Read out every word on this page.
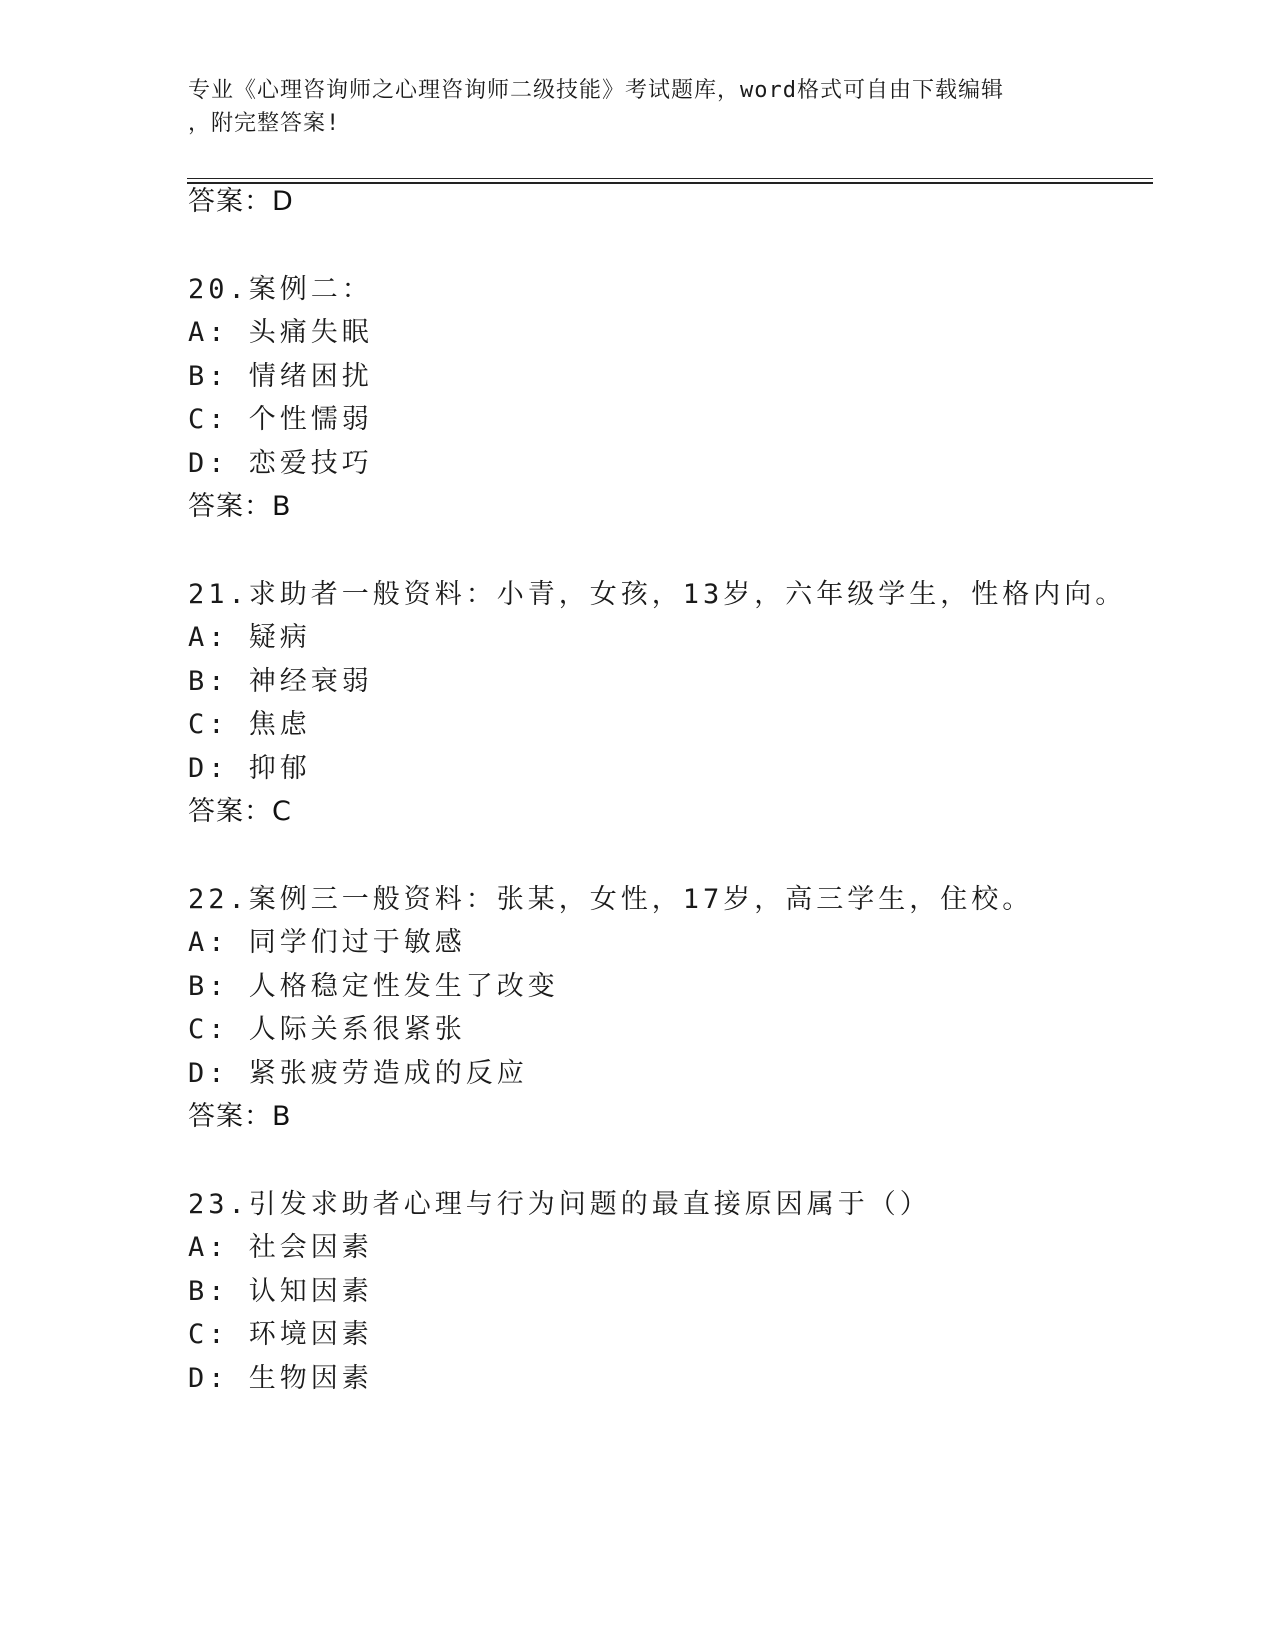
专业《心理咨询师之心理咨询师二级技能》考试题库，word格式可自由下载编辑
，附完整答案!
答案：D
20.案例二：
A: 头痛失眠
B: 情绪困扰
C: 个性懦弱
D: 恋爱技巧
答案：B
21.求助者一般资料：小青，女孩，13岁，六年级学生，性格内向。
A: 疑病
B: 神经衰弱
C: 焦虑
D: 抑郁
答案：C
22.案例三一般资料：张某，女性，17岁，高三学生，住校。
A: 同学们过于敏感
B: 人格稳定性发生了改变
C: 人际关系很紧张
D: 紧张疲劳造成的反应
答案：B
23.引发求助者心理与行为问题的最直接原因属于（）
A: 社会因素
B: 认知因素
C: 环境因素
D: 生物因素
